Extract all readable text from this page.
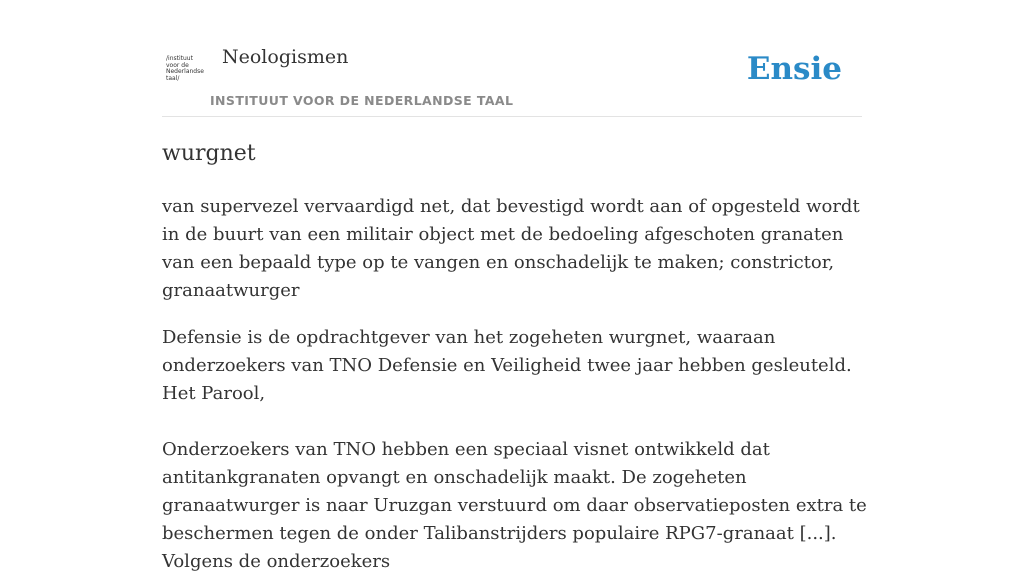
/instituut
voor de
Nederlandse
taal/
Neologismen
INSTITUUT VOOR DE NEDERLANDSE TAAL
Ensie
wurgnet

van supervezel vervaardigd net, dat bevestigd wordt aan of opgesteld wordt in de buurt van een militair object met de bedoeling afgeschoten granaten van een bepaald type op te vangen en onschadelijk te maken; constrictor, granaatwurger

Defensie is de opdrachtgever van het zogeheten wurgnet, waaraan onderzoekers van TNO Defensie en Veiligheid twee jaar hebben gesleuteld.
Het Parool,
Onderzoekers van TNO hebben een speciaal visnet ontwikkeld dat antitankgranaten opvangt en onschadelijk maakt. De zogeheten granaatwurger is naar Uruzgan verstuurd om daar observatieposten extra te beschermen tegen de onder Talibanstrijders populaire RPG7-granaat [...]. Volgens de onderzoekers
